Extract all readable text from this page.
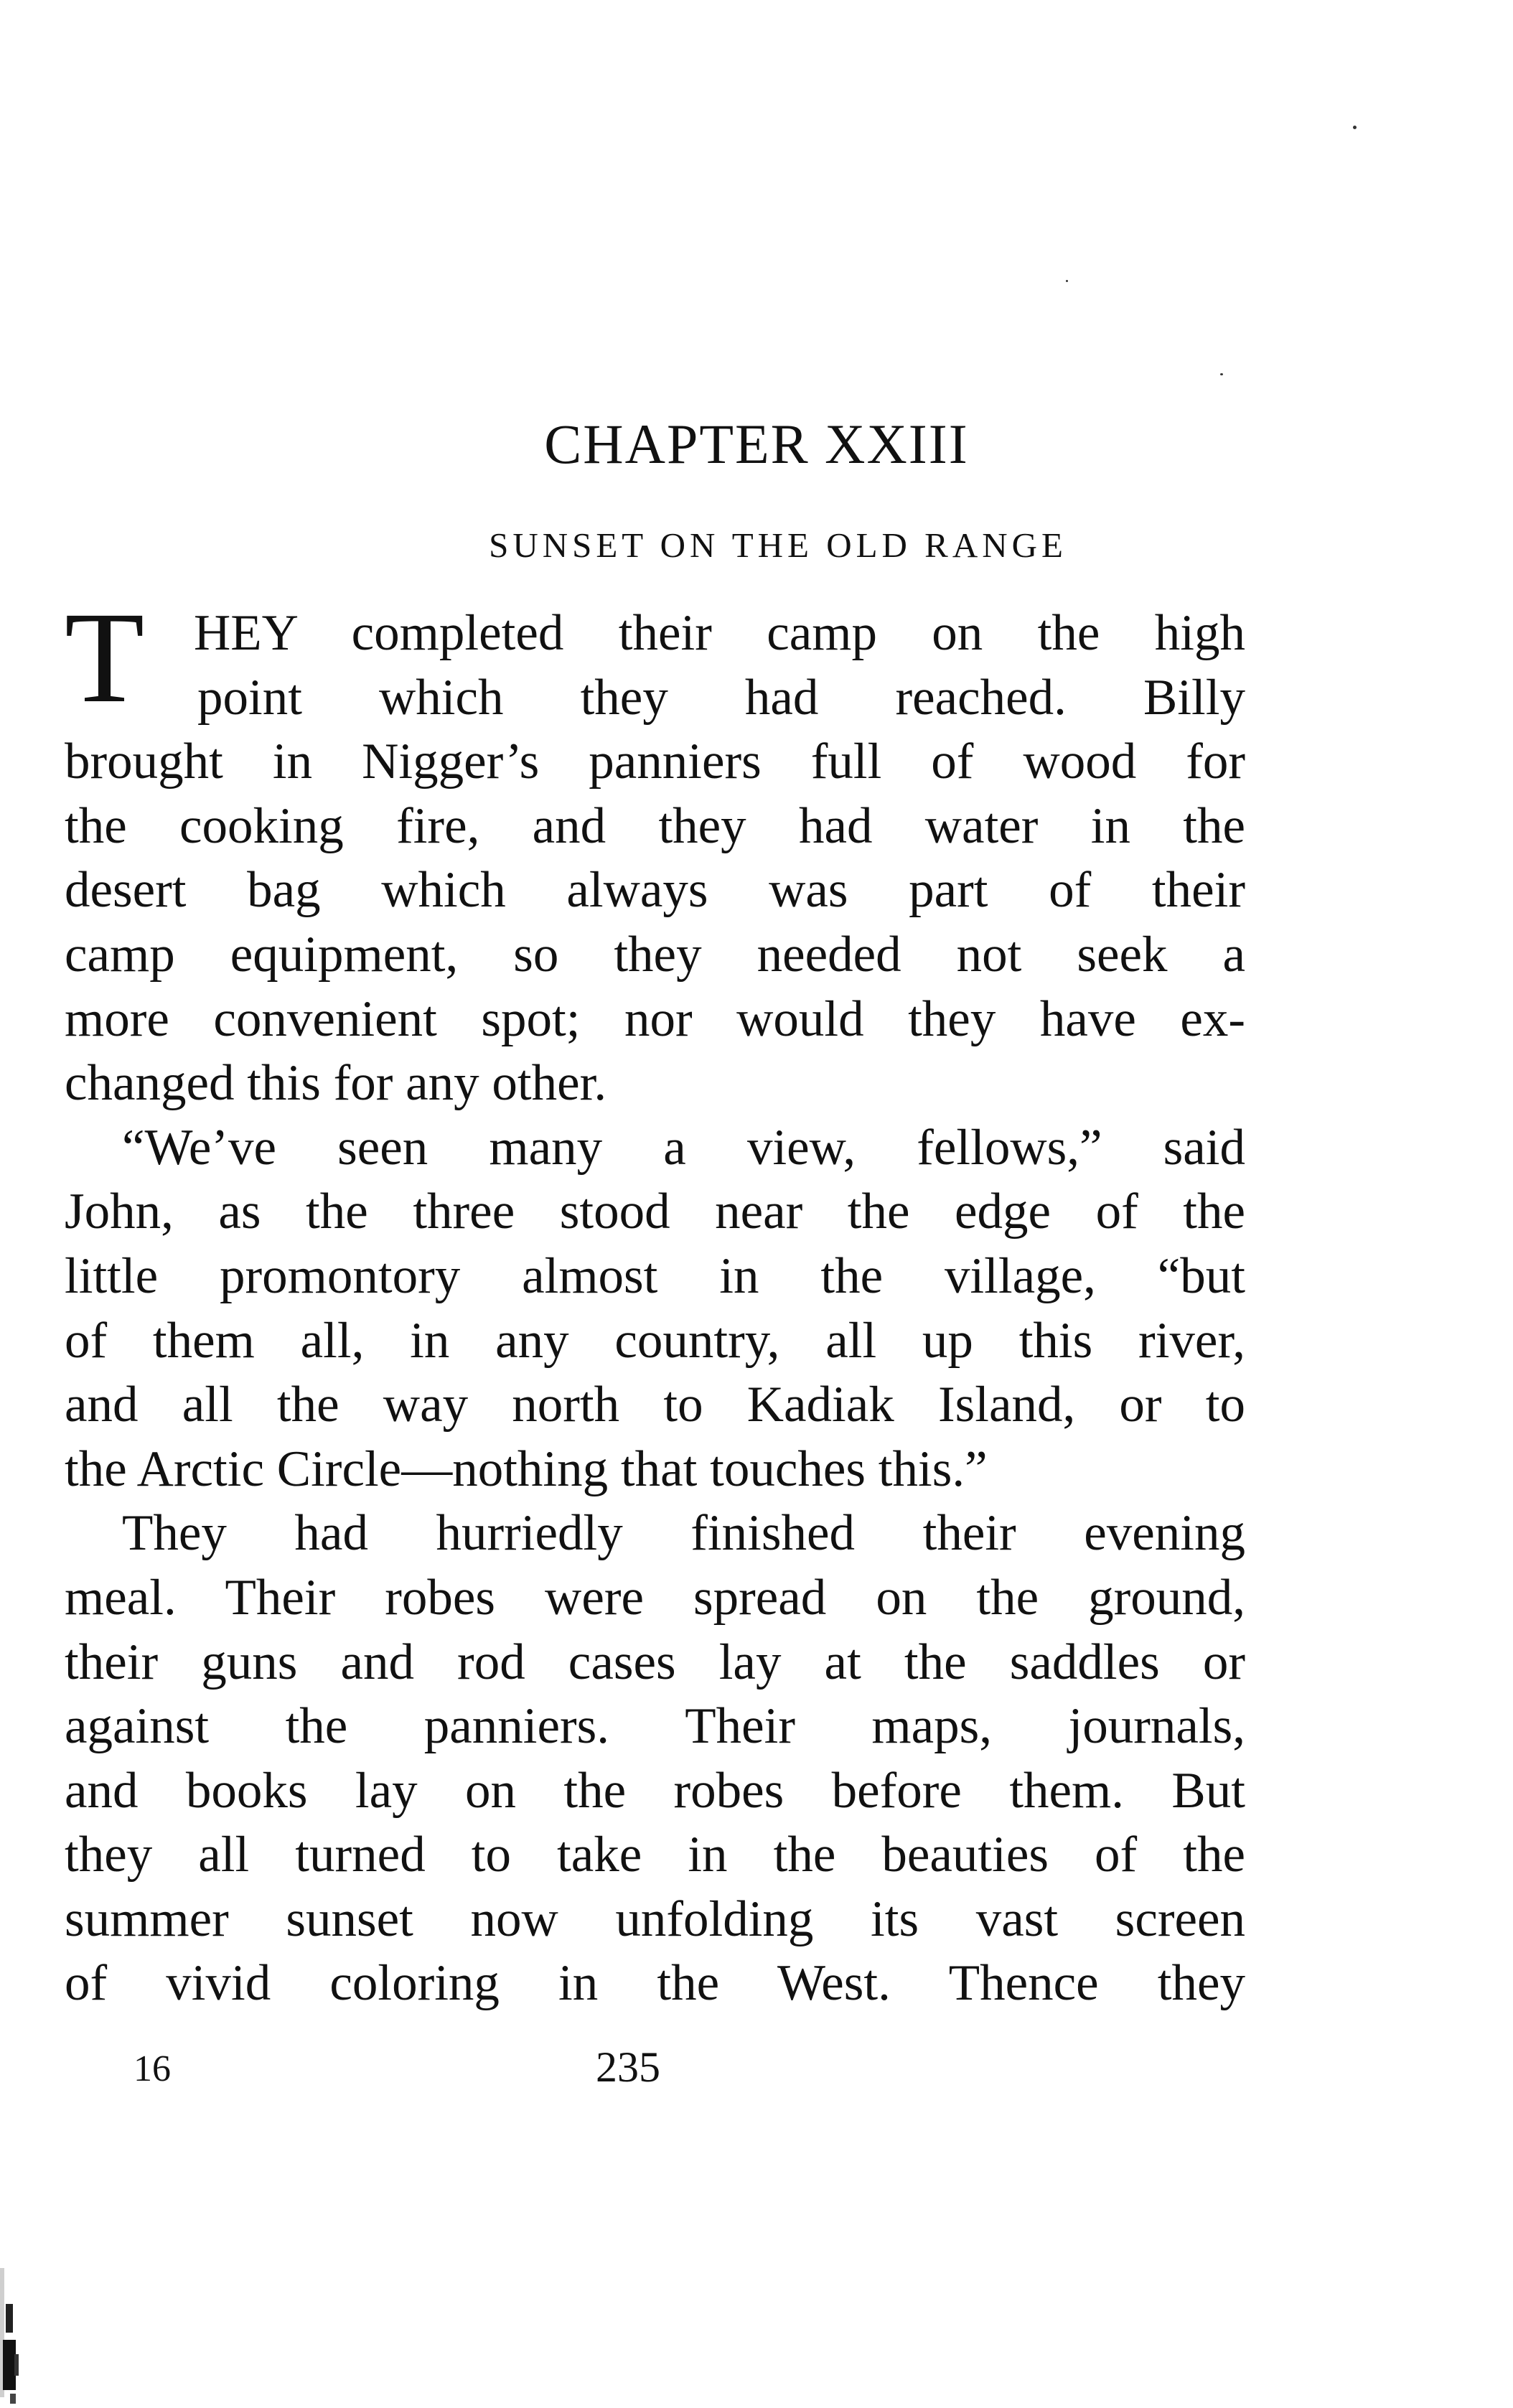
CHAPTER XXIII
SUNSET ON THE OLD RANGE
T HEY completed their camp on the high
point which they had reached. Billy
brought in Nigger’s panniers full of wood for
the cooking fire, and they had water in the
desert bag which always was part of their
camp equipment, so they needed not seek a
more convenient spot; nor would they have ex-
changed this for any other.
“We’ve seen many a view, fellows,” said
John, as the three stood near the edge of the
little promontory almost in the village, “but
of them all, in any country, all up this river,
and all the way north to Kadiak Island, or to
the Arctic Circle—nothing that touches this.”
They had hurriedly finished their evening
meal. Their robes were spread on the ground,
their guns and rod cases lay at the saddles or
against the panniers. Their maps, journals,
and books lay on the robes before them. But
they all turned to take in the beauties of the
summer sunset now unfolding its vast screen
of vivid coloring in the West. Thence they
16	235
